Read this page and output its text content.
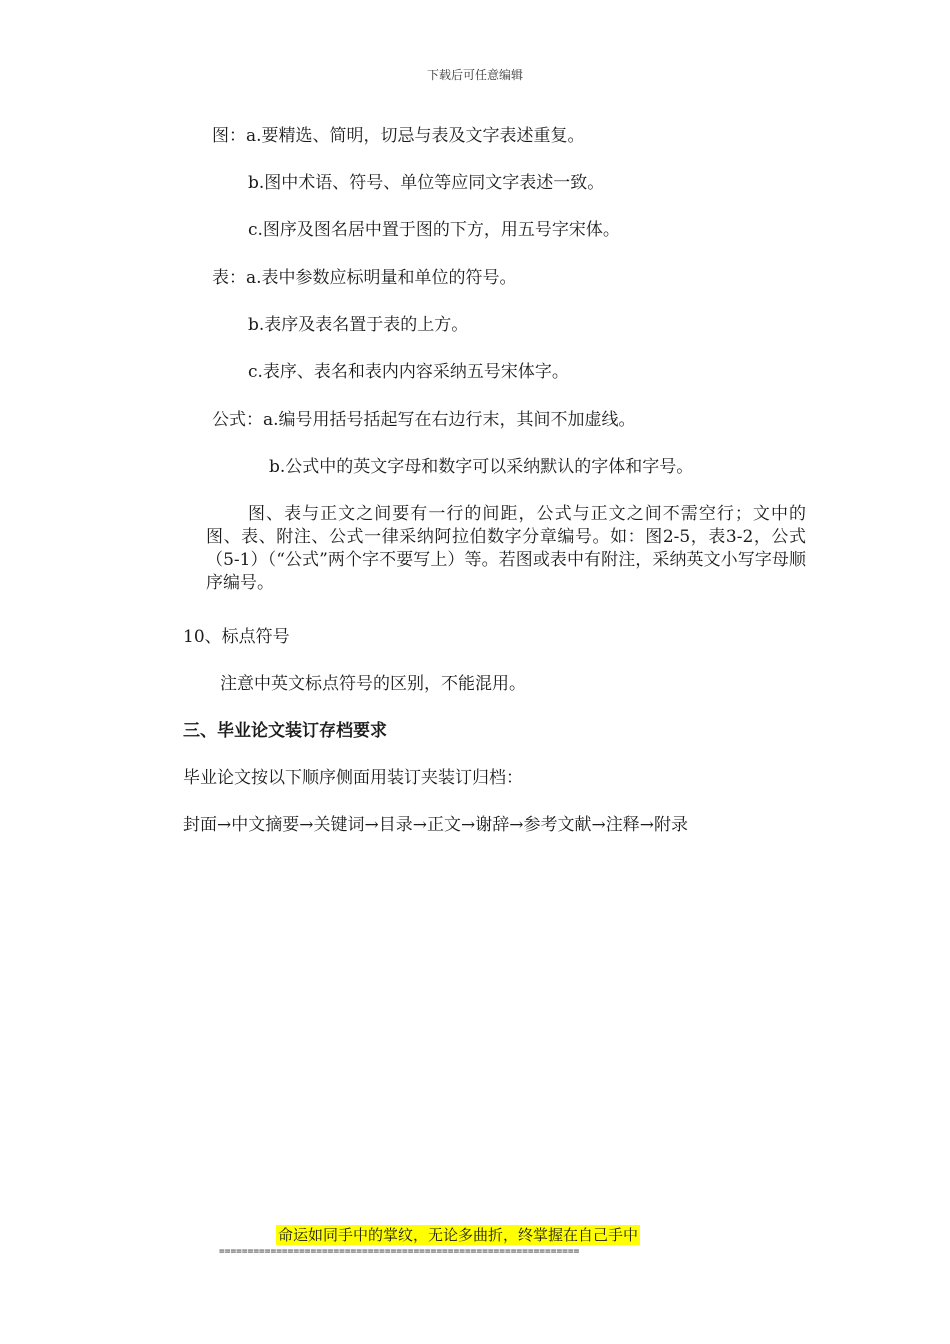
下载后可任意编辑
图：a.要精选、简明，切忌与表及文字表述重复。
b.图中术语、符号、单位等应同文字表述一致。
c.图序及图名居中置于图的下方，用五号字宋体。
表：a.表中参数应标明量和单位的符号。
b.表序及表名置于表的上方。
c.表序、表名和表内内容采纳五号宋体字。
公式：a.编号用括号括起写在右边行末，其间不加虚线。
b.公式中的英文字母和数字可以采纳默认的字体和字号。
图、表与正文之间要有一行的间距，公式与正文之间不需空行；文中的图、表、附注、公式一律采纳阿拉伯数字分章编号。如：图2-5，表3-2，公式（5-1）（“公式”两个字不要写上）等。若图或表中有附注，采纳英文小写字母顺序编号。
10、标点符号
注意中英文标点符号的区别，不能混用。
三、毕业论文装订存档要求
毕业论文按以下顺序侧面用装订夹装订归档：
封面→中文摘要→关键词→目录→正文→谢辞→参考文献→注释→附录
命运如同手中的掌纹，无论多曲折，终掌握在自己手中
===============================================================
